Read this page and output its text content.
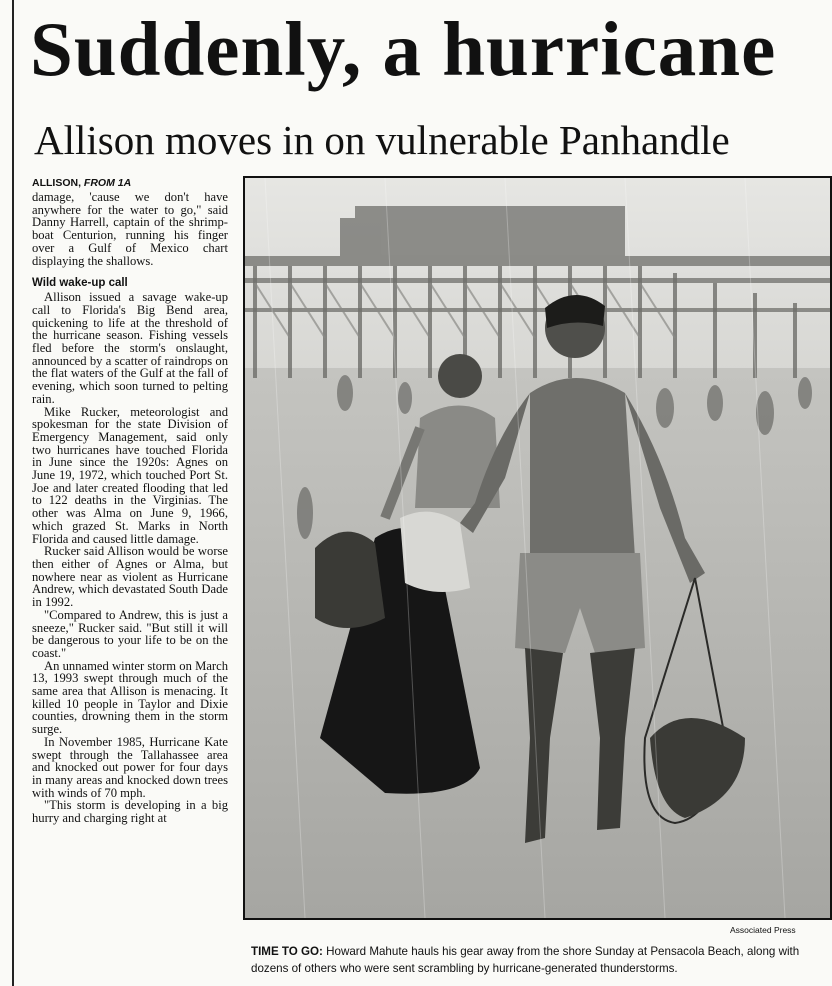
Suddenly, a hurricane
Allison moves in on vulnerable Panhandle
ALLISON, FROM 1A

damage, 'cause we don't have anywhere for the water to go," said Danny Harrell, captain of the shrimp-boat Centurion, running his finger over a Gulf of Mexico chart displaying the shallows.

Wild wake-up call

Allison issued a savage wake-up call to Florida's Big Bend area, quickening to life at the threshold of the hurricane season. Fishing vessels fled before the storm's onslaught, announced by a scatter of raindrops on the flat waters of the Gulf at the fall of evening, which soon turned to pelting rain.

Mike Rucker, meteorologist and spokesman for the state Division of Emergency Management, said only two hurricanes have touched Florida in June since the 1920s: Agnes on June 19, 1972, which touched Port St. Joe and later created flooding that led to 122 deaths in the Virginias. The other was Alma on June 9, 1966, which grazed St. Marks in North Florida and caused little damage.

Rucker said Allison would be worse then either of Agnes or Alma, but nowhere near as violent as Hurricane Andrew, which devastated South Dade in 1992.

"Compared to Andrew, this is just a sneeze," Rucker said. "But still it will be dangerous to your life to be on the coast."

An unnamed winter storm on March 13, 1993 swept through much of the same area that Allison is menacing. It killed 10 people in Taylor and Dixie counties, drowning them in the storm surge.

In November 1985, Hurricane Kate swept through the Tallahassee area and knocked out power for four days in many areas and knocked down trees with winds of 70 mph.

"This storm is developing in a big hurry and charging right at

Associated Press
TIME TO GO: Howard Mahute hauls his gear away from the shore Sunday at Pensacola Beach, along with dozens of others who were sent scrambling by hurricane-generated thunderstorms.
